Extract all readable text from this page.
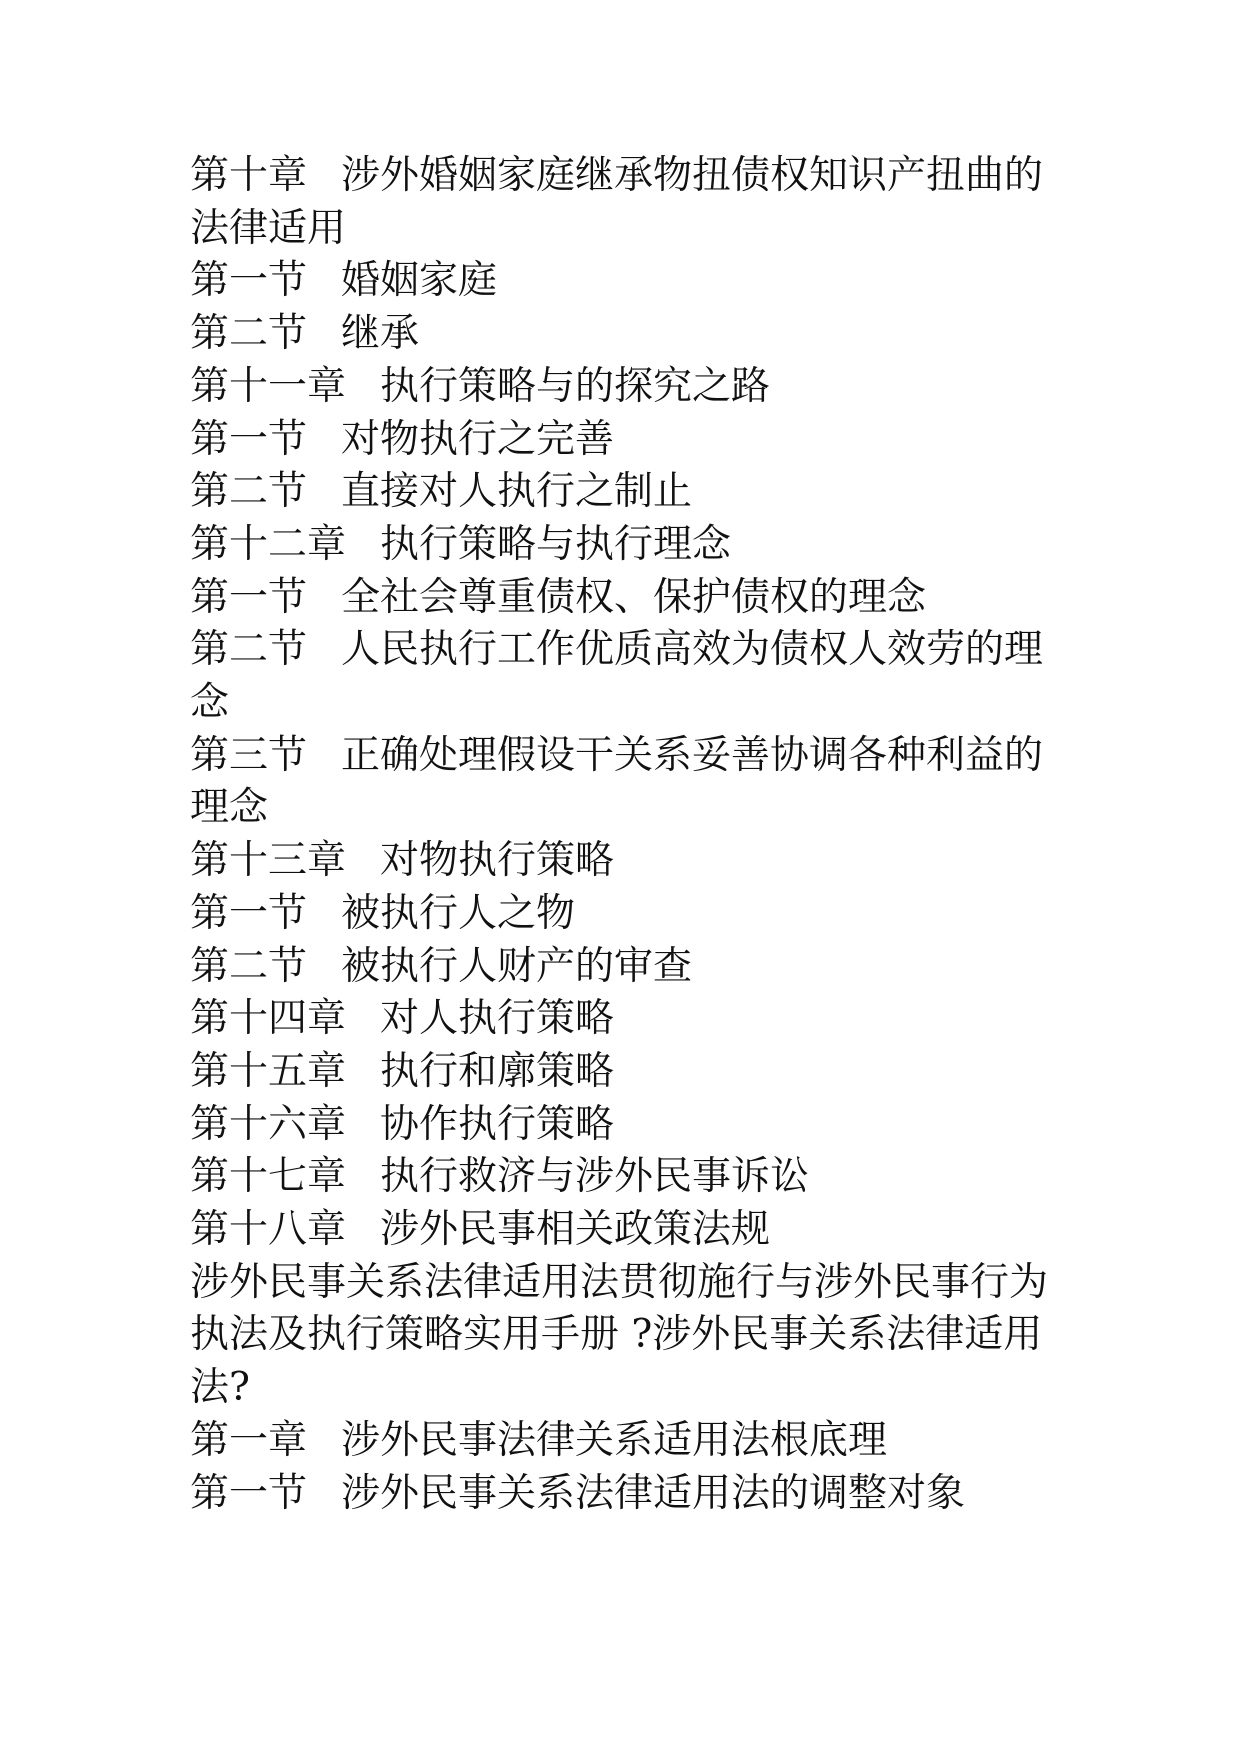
第十章 涉外婚姻家庭继承物扭债权知识产扭曲的法律适用
第一节 婚姻家庭
第二节 继承
第十一章 执行策略与的探究之路
第一节 对物执行之完善
第二节 直接对人执行之制止
第十二章 执行策略与执行理念
第一节 全社会尊重债权、保护债权的理念
第二节 人民执行工作优质高效为债权人效劳的理念
第三节 正确处理假设干关系妥善协调各种利益的理念
第十三章 对物执行策略
第一节 被执行人之物
第二节 被执行人财产的审查
第十四章 对人执行策略
第十五章 执行和廓策略
第十六章 协作执行策略
第十七章 执行救济与涉外民事诉讼
第十八章 涉外民事相关政策法规
涉外民事关系法律适用法贯彻施行与涉外民事行为执法及执行策略实用手册 ?涉外民事关系法律适用法?
第一章 涉外民事法律关系适用法根底理
第一节 涉外民事关系法律适用法的调整对象
